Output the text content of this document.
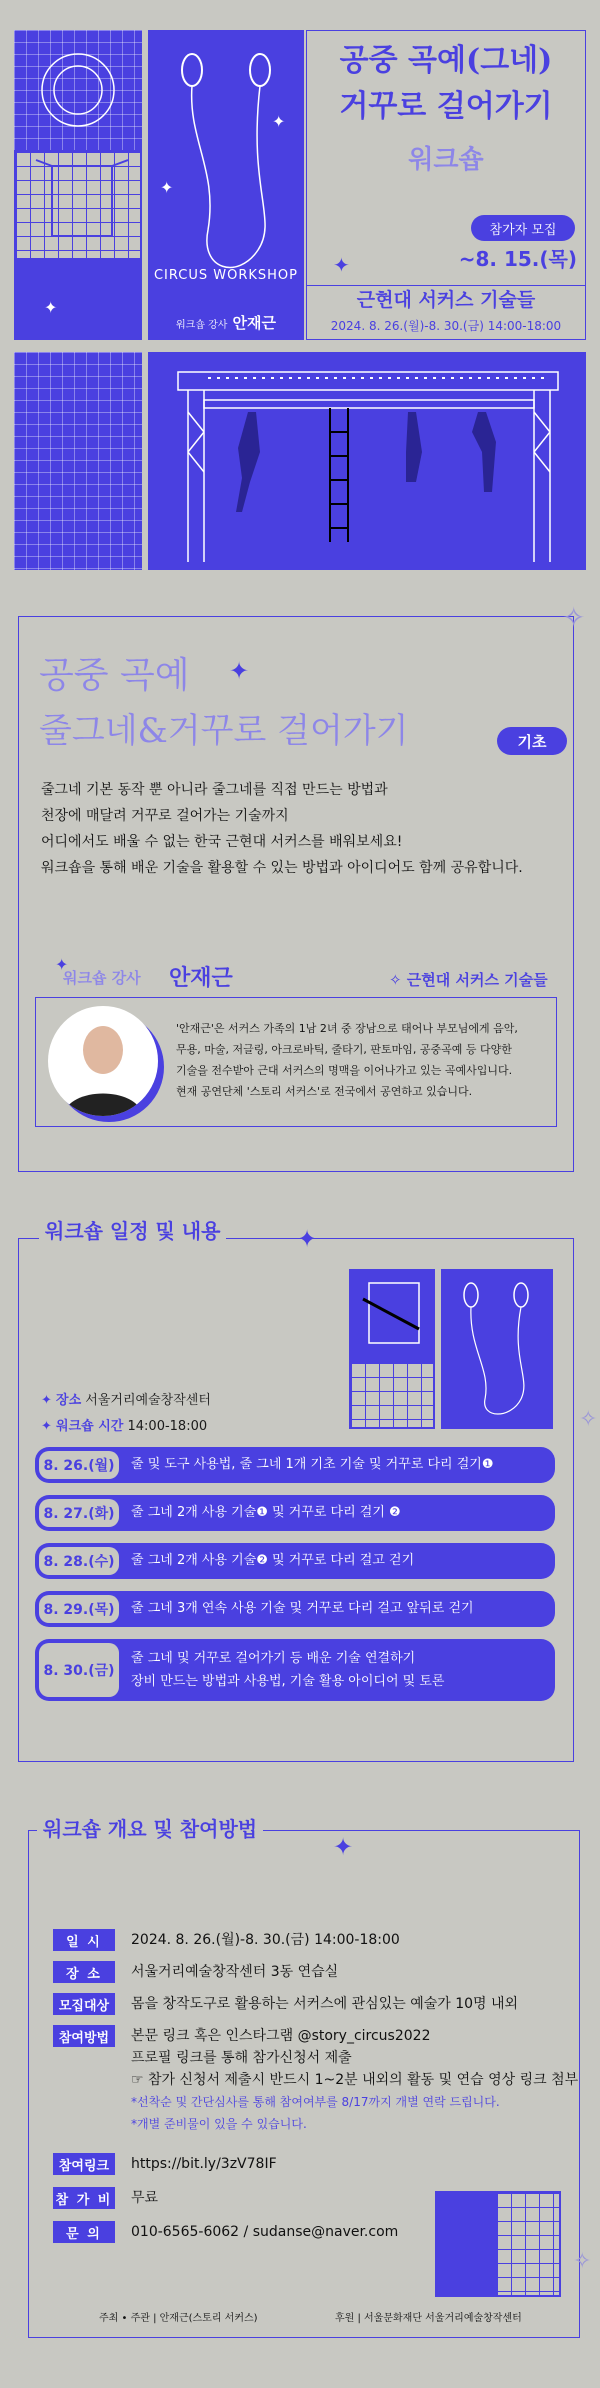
✦
✦
✦
CIRCUS WORKSHOP
워크숍 강사 안재근
공중 곡예(그네)
거꾸로 걸어가기
워크숍
참가자 모집
~8. 15.(목)
✦
근현대 서커스 기술들
2024. 8. 26.(월)-8. 30.(금) 14:00-18:00
공중 곡예 ✦
줄그네&거꾸로 걸어가기	기초
줄그네 기본 동작 뿐 아니라 줄그네를 직접 만드는 방법과
천장에 매달려 거꾸로 걸어가는 기술까지
어디에서도 배울 수 없는 한국 근현대 서커스를 배워보세요!
워크숍을 통해 배운 기술을 활용할 수 있는 방법과 아이디어도 함께 공유합니다.
✦
워크숍 강사 안재근	✧ 근현대 서커스 기술들
'안재근'은 서커스 가족의 1남 2녀 중 장남으로 태어나 부모님에게 음악,
무용, 마술, 저글링, 아크로바틱, 줄타기, 판토마임, 공중곡예 등 다양한
기술을 전수받아 근대 서커스의 명맥을 이어나가고 있는 곡예사입니다.
현재 공연단체 '스토리 서커스'로 전국에서 공연하고 있습니다.
✧
워크숍 일정 및 내용	✦
✧
✦ 장소 서울거리예술창작센터
✦ 워크숍 시간 14:00-18:00
8. 26.(월)	줄 및 도구 사용법, 줄 그네 1개 기초 기술 및 거꾸로 다리 걸기❶
8. 27.(화)	줄 그네 2개 사용 기술❶ 및 거꾸로 다리 걸기 ❷
8. 28.(수)	줄 그네 2개 사용 기술❷ 및 거꾸로 다리 걸고 걷기
8. 29.(목)	줄 그네 3개 연속 사용 기술 및 거꾸로 다리 걸고 앞뒤로 걷기
8. 30.(금)
줄 그네 및 거꾸로 걸어가기 등 배운 기술 연결하기
장비 만드는 방법과 사용법, 기술 활용 아이디어 및 토론
워크숍 개요 및 참여방법
✦
일 시	2024. 8. 26.(월)-8. 30.(금) 14:00-18:00
장 소	서울거리예술창작센터 3동 연습실
모집대상	몸을 창작도구로 활용하는 서커스에 관심있는 예술가 10명 내외
참여방법	본문 링크 혹은 인스타그램 @story_circus2022
프로필 링크를 통해 참가신청서 제출
☞ 참가 신청서 제출시 반드시 1~2분 내외의 활동 및 연습 영상 링크 첨부
*선착순 및 간단심사를 통해 참여여부를 8/17까지 개별 연락 드립니다.
*개별 준비물이 있을 수 있습니다.
참여링크	https://bit.ly/3zV78IF
참 가 비 무료
문 의	010-6565-6062 / sudanse@naver.com
✧
주최 • 주관 | 안재근(스토리 서커스)	후원 | 서울문화재단 서울거리예술창작센터
